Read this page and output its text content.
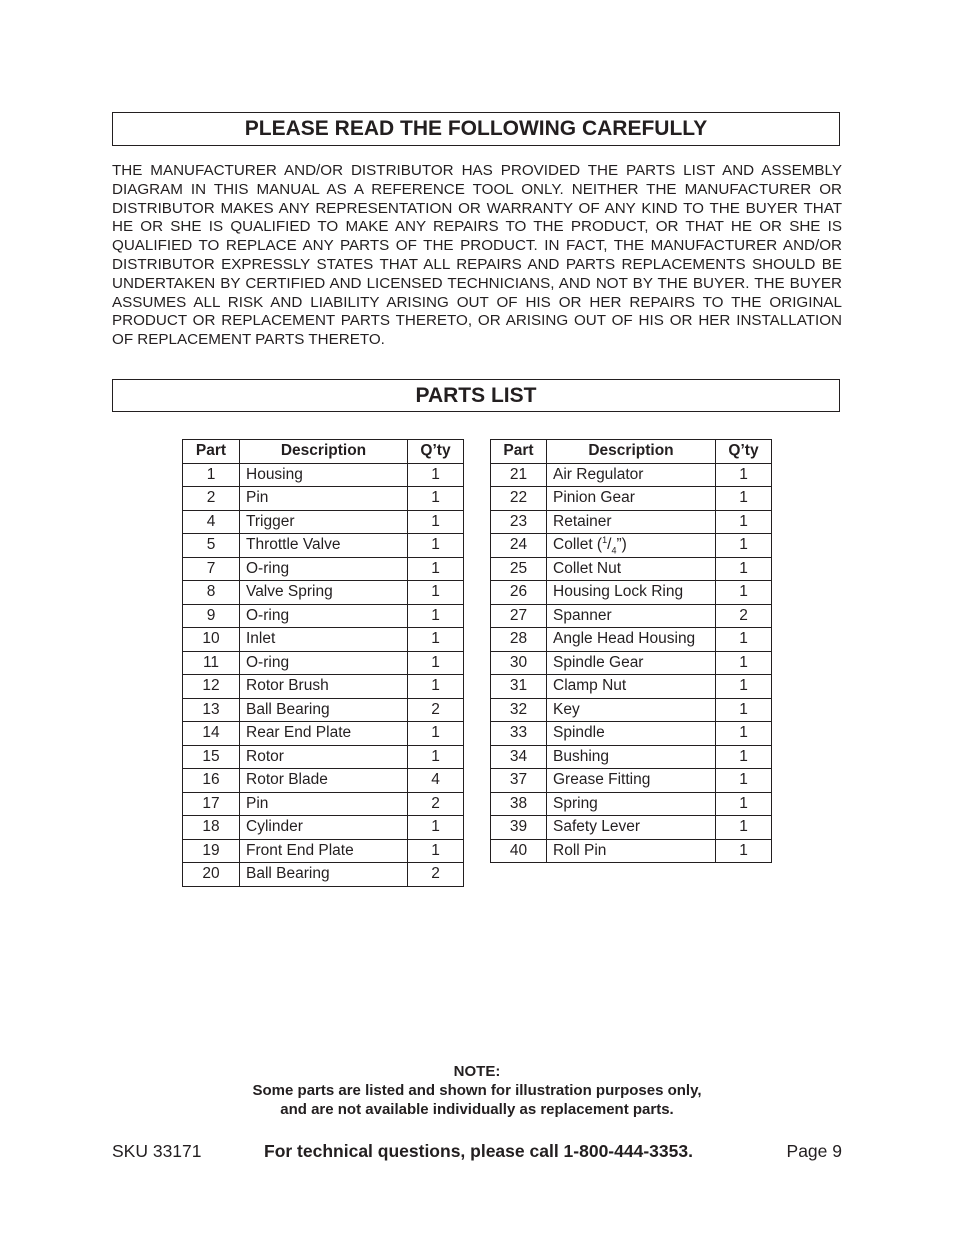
PLEASE READ THE FOLLOWING CAREFULLY

THE MANUFACTURER AND/OR DISTRIBUTOR HAS PROVIDED THE PARTS LIST AND ASSEMBLY DIAGRAM IN THIS MANUAL AS A REFERENCE TOOL ONLY. NEITHER THE MANUFACTURER OR DISTRIBUTOR MAKES ANY REPRESENTATION OR WARRANTY OF ANY KIND TO THE BUYER THAT HE OR SHE IS QUALIFIED TO MAKE ANY REPAIRS TO THE PRODUCT, OR THAT HE OR SHE IS QUALIFIED TO REPLACE ANY PARTS OF THE PRODUCT. IN FACT, THE MANUFACTURER AND/OR DISTRIBUTOR EXPRESSLY STATES THAT ALL REPAIRS AND PARTS REPLACEMENTS SHOULD BE UNDERTAKEN BY CERTIFIED AND LICENSED TECHNICIANS, AND NOT BY THE BUYER. THE BUYER ASSUMES ALL RISK AND LIABILITY ARISING OUT OF HIS OR HER REPAIRS TO THE ORIGINAL PRODUCT OR REPLACEMENT PARTS THERETO, OR ARISING OUT OF HIS OR HER INSTALLATION OF REPLACEMENT PARTS THERETO.

PARTS LIST
Part	Description	Q’ty
1	Housing	1
2	Pin	1
4	Trigger	1
5	Throttle Valve	1
7	O-ring	1
8	Valve Spring	1
9	O-ring	1
10	Inlet	1
11	O-ring	1
12	Rotor Brush	1
13	Ball Bearing	2
14	Rear End Plate	1
15	Rotor	1
16	Rotor Blade	4
17	Pin	2
18	Cylinder	1
19	Front End Plate	1
20	Ball Bearing	2
Part	Description	Q’ty
21	Air Regulator	1
22	Pinion Gear	1
23	Retainer	1
24	Collet $(^1/_4”)$	1
25	Collet Nut	1
26	Housing Lock Ring	1
27	Spanner	2
28	Angle Head Housing	1
30	Spindle Gear	1
31	Clamp Nut	1
32	Key	1
33	Spindle	1
34	Bushing	1
37	Grease Fitting	1
38	Spring	1
39	Safety Lever	1
40	Roll Pin	1
NOTE:
Some parts are listed and shown for illustration purposes only,
and are not available individually as replacement parts.
SKU 33171	For technical questions, please call 1-800-444-3353.	Page 9
